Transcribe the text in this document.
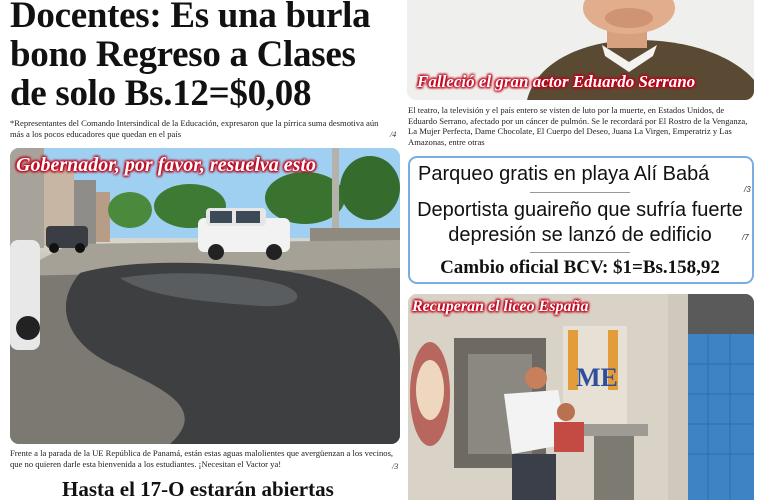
Docentes: Es una burla
bono Regreso a Clases
de solo Bs.12=$0,08

*Representantes del Comando Intersindical de la Educación, expresaron que la pírrica suma desmotiva aún más a los pocos educadores que quedan en el país	/4
Gobernador, por favor, resuelva esto

Frente a la parada de la UE República de Panamá, están estas aguas malolientes que avergüenzan a los vecinos, que no quieren darle esta bienvenida a los estudiantes. ¡Necesitan el Vactor ya!	/3
Hasta el 17-O estarán abiertas
Falleció el gran actor Eduardo Serrano

El teatro, la televisión y el país entero se visten de luto por la muerte, en Estados Unidos, de Eduardo Serrano, afectado por un cáncer de pulmón. Se le recordará por El Rostro de la Venganza, La Mujer Perfecta, Dame Chocolate, El Cuerpo del Deseo, Juana La Virgen, Emperatriz y Las Amazonas, entre otras

Parqueo gratis en playa Alí Babá
/3
Deportista guaireño que sufría fuerte depresión se lanzó de edificio	/7
Cambio oficial BCV: $1=Bs.158,92
ME
Recuperan el liceo España
